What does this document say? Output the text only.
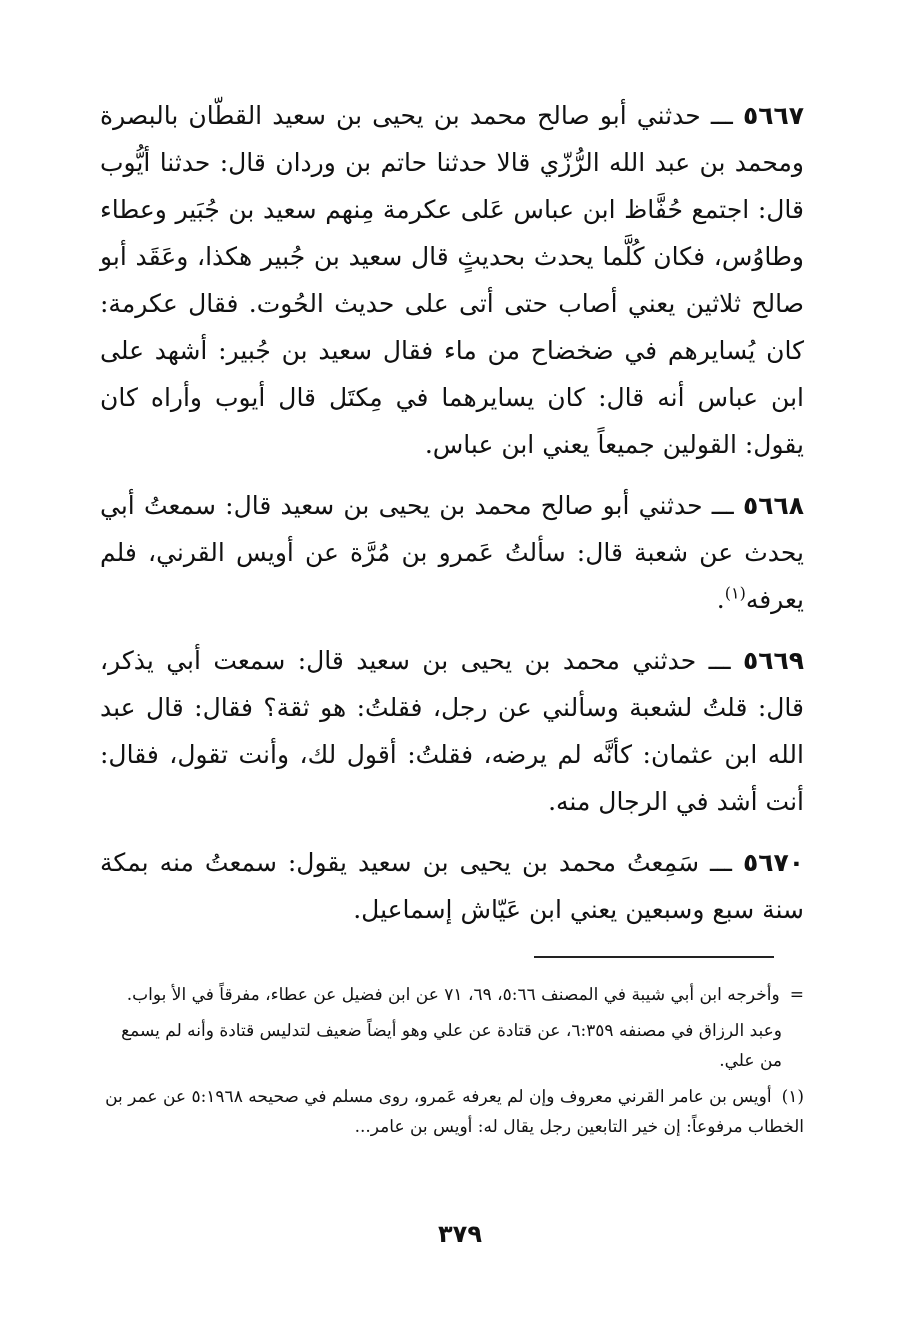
٥٦٦٧ ـــ حدثني أبو صالح محمد بن يحيى بن سعيد القطّان بالبصرة ومحمد بن عبد الله الرُّزّي قالا حدثنا حاتم بن وردان قال: حدثنا أيُّوب قال: اجتمع حُفَّاظ ابن عباس عَلى عكرمة مِنهم سعيد بن جُبَير وعطاء وطاوُس، فكان كُلَّما يحدث بحديثٍ قال سعيد بن جُبير هكذا، وعَقَد أبو صالح ثلاثين يعني أصاب حتى أتى على حديث الحُوت. فقال عكرمة: كان يُسايرهم في ضخضاح من ماء فقال سعيد بن جُبير: أشهد على ابن عباس أنه قال: كان يسايرهما في مِكتَل قال أيوب وأراه كان يقول: القولين جميعاً يعني ابن عباس.

٥٦٦٨ ـــ حدثني أبو صالح محمد بن يحيى بن سعيد قال: سمعتُ أبي يحدث عن شعبة قال: سألتُ عَمرو بن مُرَّة عن أويس القرني، فلم يعرفه$^{(١)}$.

٥٦٦٩ ـــ حدثني محمد بن يحيى بن سعيد قال: سمعت أبي يذكر، قال: قلتُ لشعبة وسألني عن رجل، فقلتُ: هو ثقة؟ فقال: قال عبد الله ابن عثمان: كأنَّه لم يرضه، فقلتُ: أقول لك، وأنت تقول، فقال: أنت أشد في الرجال منه.

٥٦٧٠ ـــ سَمِعتُ محمد بن يحيى بن سعيد يقول: سمعتُ منه بمكة سنة سبع وسبعين يعني ابن عَيّاش إسماعيل.

=وأخرجه ابن أبي شيبة في المصنف ٥:٦٦، ٦٩، ٧١ عن ابن فضيل عن عطاء، مفرقاً في الأ بواب.

وعبد الرزاق في مصنفه ٦:٣٥٩، عن قتادة عن علي وهو أيضاً ضعيف لتدليس قتادة وأنه لم يسمع من علي.

(١)أويس بن عامر القرني معروف وإن لم يعرفه عَمرو، روى مسلم في صحيحه ٥:١٩٦٨ عن عمر بن الخطاب مرفوعاً: إن خير التابعين رجل يقال له: أويس بن عامر...

٣٧٩
